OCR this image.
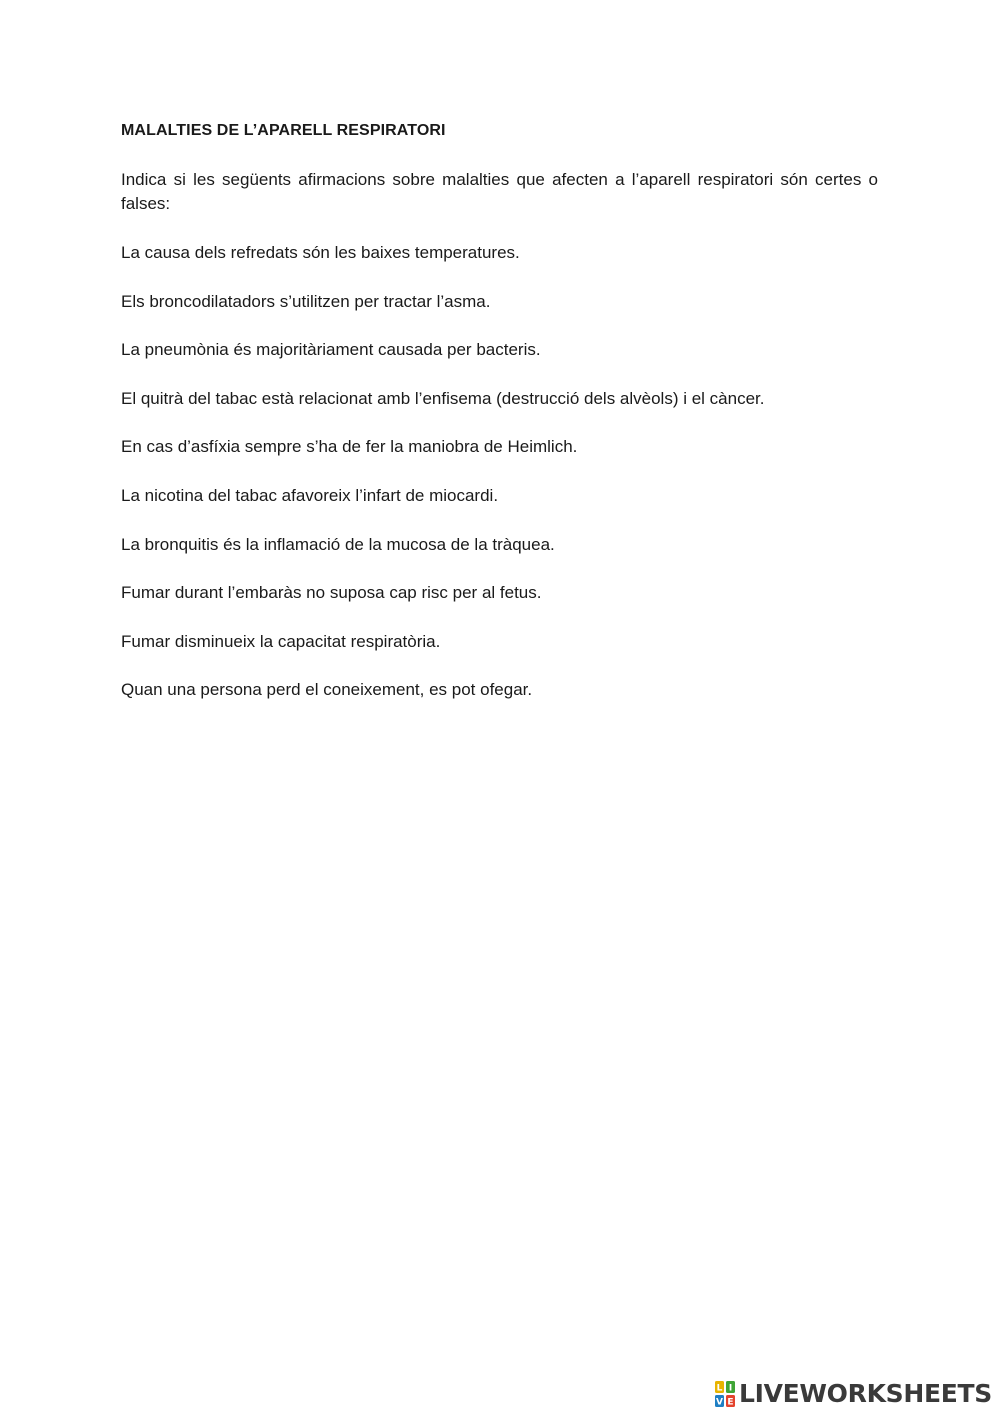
MALALTIES DE L’APARELL RESPIRATORI

Indica si les següents afirmacions sobre malalties que afecten a l’aparell respiratori són certes o falses:

La causa dels refredats són les baixes temperatures.
Els broncodilatadors s’utilitzen per tractar l’asma.
La pneumònia és majoritàriament causada per bacteris.
El quitrà del tabac està relacionat amb l’enfisema (destrucció dels alvèols) i el càncer.
En cas d’asfíxia sempre s’ha de fer la maniobra de Heimlich.
La nicotina del tabac afavoreix l’infart de miocardi.
La bronquitis és la inflamació de la mucosa de la tràquea.
Fumar durant l’embaràs no suposa cap risc per al fetus.
Fumar disminueix la capacitat respiratòria.
Quan una persona perd el coneixement, es pot ofegar.
L I
V E LIVEWORKSHEETS
